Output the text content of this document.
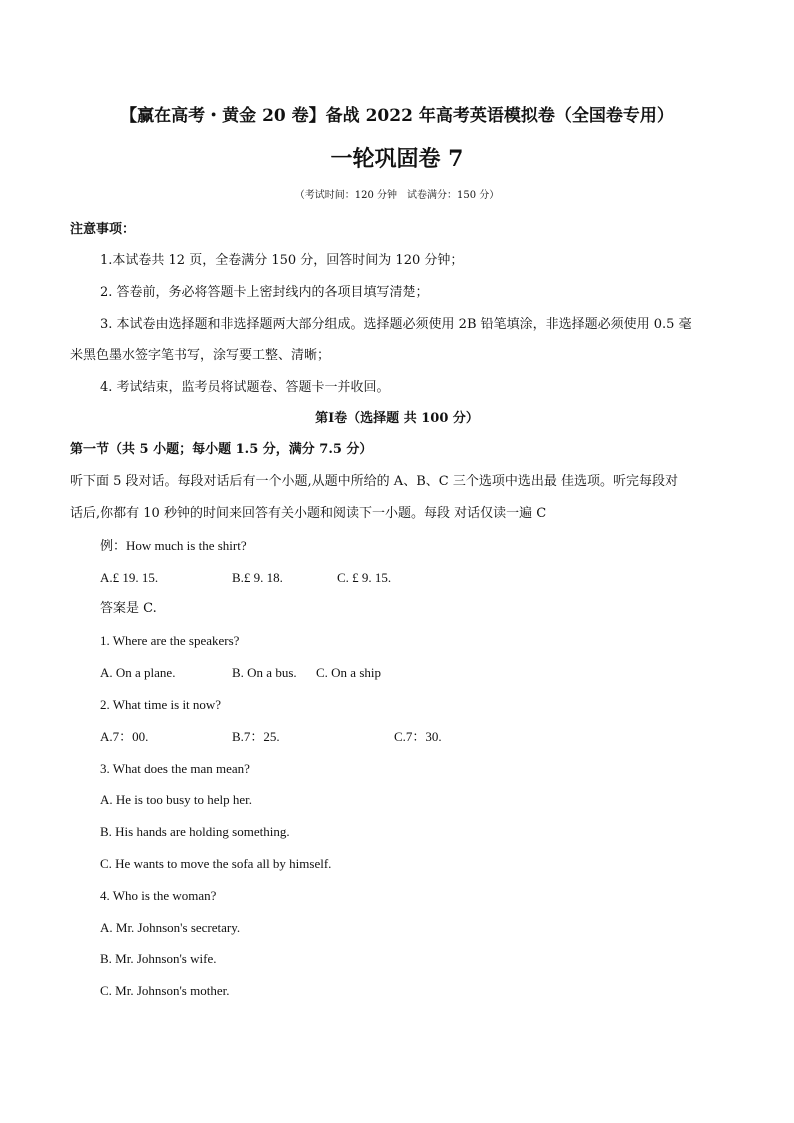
【赢在高考・黄金 20 卷】备战 2022 年高考英语模拟卷（全国卷专用）
一轮巩固卷 7
（考试时间：120 分钟　试卷满分：150 分）
注意事项：
1.本试卷共 12 页，全卷满分 150 分，回答时间为 120 分钟；
2. 答卷前，务必将答题卡上密封线内的各项目填写清楚；
3. 本试卷由选择题和非选择题两大部分组成。选择题必须使用 2B 铅笔填涂，非选择题必须使用 0.5 毫
米黑色墨水签字笔书写，涂写要工整、清晰；
4. 考试结束，监考员将试题卷、答题卡一并收回。
第Ⅰ卷（选择题 共 100 分）
第一节（共 5 小题；每小题 1.5 分，满分 7.5 分）
听下面 5 段对话。每段对话后有一个小题,从题中所给的 A、B、C 三个选项中选出最 佳选项。听完每段对
话后,你都有 10 秒钟的时间来回答有关小题和阅读下一小题。每段 对话仅读一遍 C
例：How much is the shirt?
A.£ 19. 15.	B.£ 9. 18.	C. £ 9. 15.
答案是 C.
1. Where are the speakers?
A. On a plane.	B. On a bus. C. On a ship
2. What time is it now?
A.7：00.	B.7：25.	C.7：30.
3. What does the man mean?
A. He is too busy to help her.
B. His hands are holding something.
C. He wants to move the sofa all by himself.
4. Who is the woman?
A. Mr. Johnson's secretary.
B. Mr. Johnson's wife.
C. Mr. Johnson's mother.
